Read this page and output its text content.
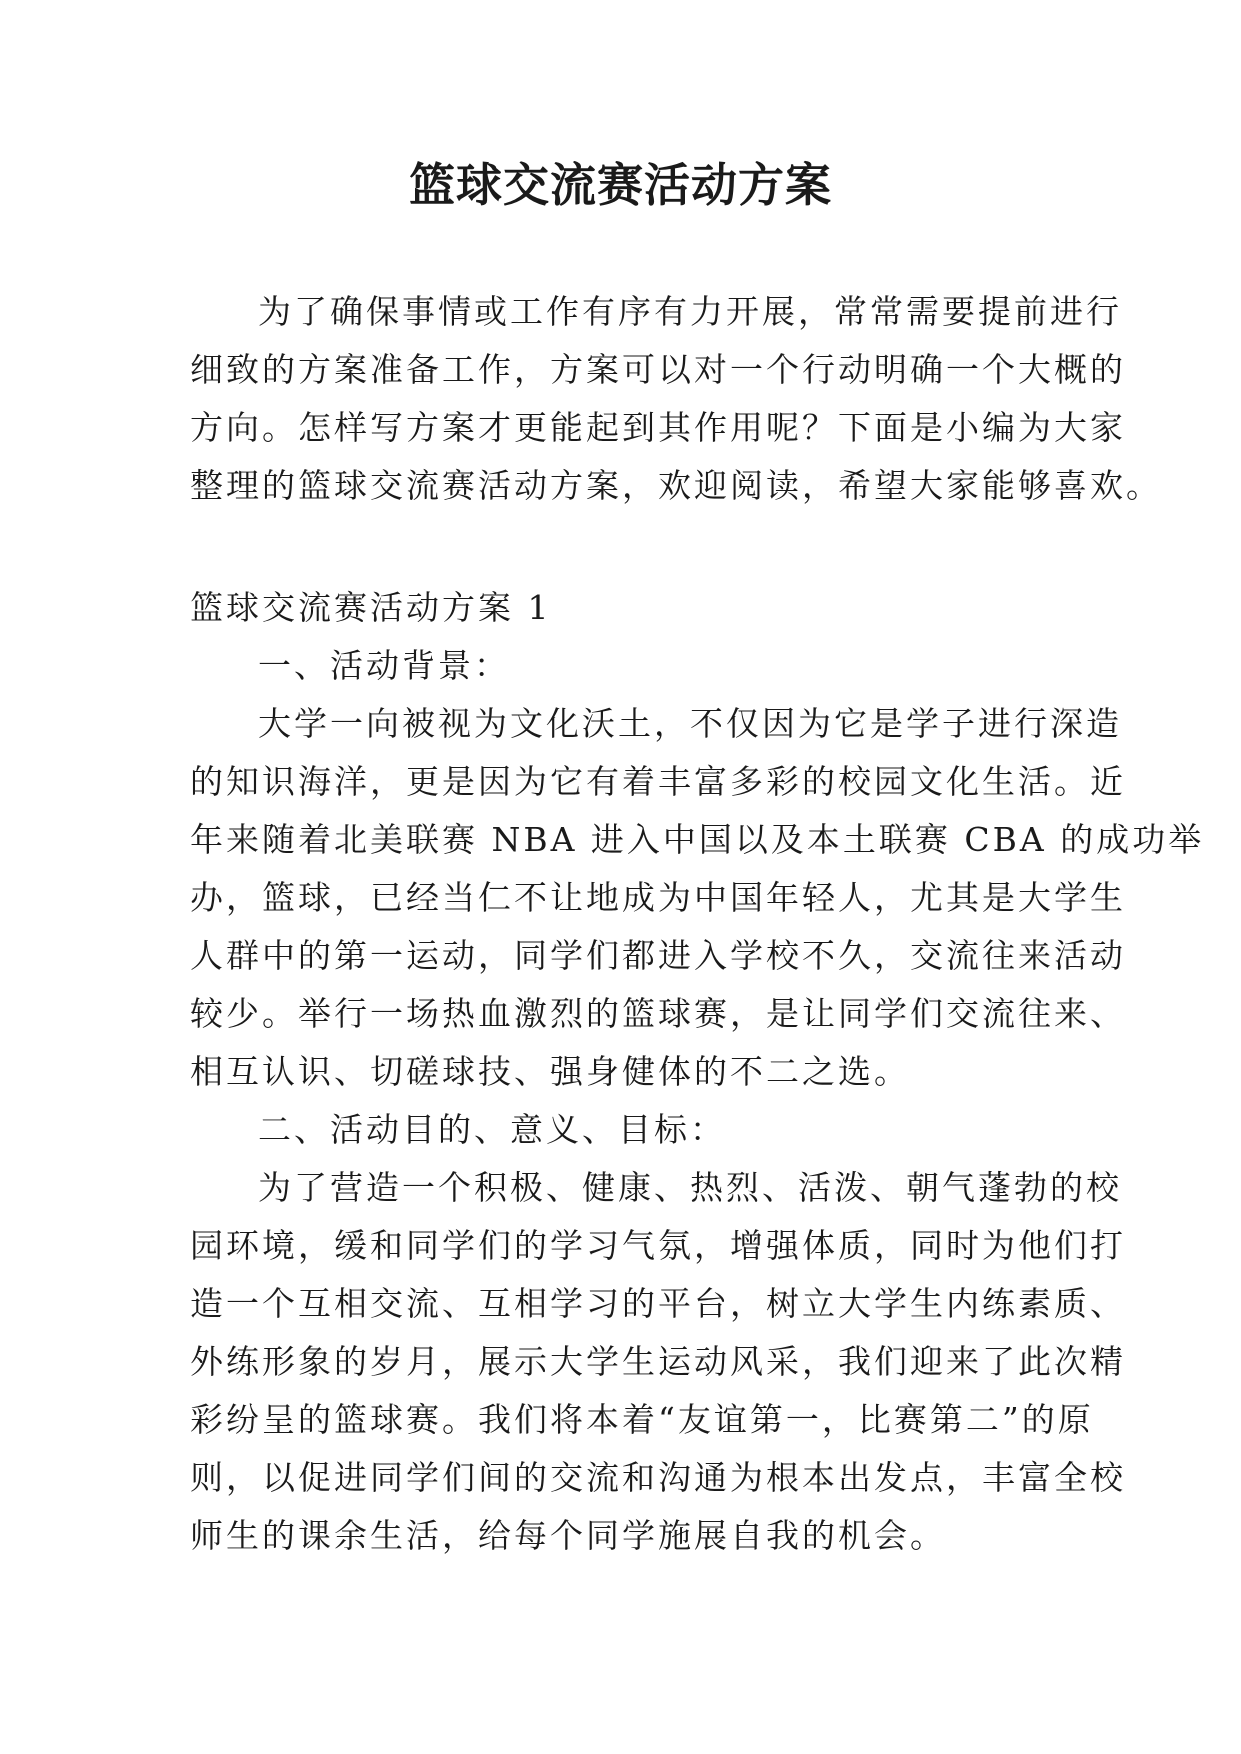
篮球交流赛活动方案
为了确保事情或工作有序有力开展，常常需要提前进行
细致的方案准备工作，方案可以对一个行动明确一个大概的
方向。怎样写方案才更能起到其作用呢？下面是小编为大家
整理的篮球交流赛活动方案，欢迎阅读，希望大家能够喜欢。
篮球交流赛活动方案 1
一、活动背景：
大学一向被视为文化沃土，不仅因为它是学子进行深造
的知识海洋，更是因为它有着丰富多彩的校园文化生活。近
年来随着北美联赛 NBA 进入中国以及本土联赛 CBA 的成功举
办，篮球，已经当仁不让地成为中国年轻人，尤其是大学生
人群中的第一运动，同学们都进入学校不久，交流往来活动
较少。举行一场热血激烈的篮球赛，是让同学们交流往来、
相互认识、切磋球技、强身健体的不二之选。
二、活动目的、意义、目标：
为了营造一个积极、健康、热烈、活泼、朝气蓬勃的校
园环境，缓和同学们的学习气氛，增强体质，同时为他们打
造一个互相交流、互相学习的平台，树立大学生内练素质、
外练形象的岁月，展示大学生运动风采，我们迎来了此次精
彩纷呈的篮球赛。我们将本着“友谊第一，比赛第二”的原
则，以促进同学们间的交流和沟通为根本出发点，丰富全校
师生的课余生活，给每个同学施展自我的机会。
